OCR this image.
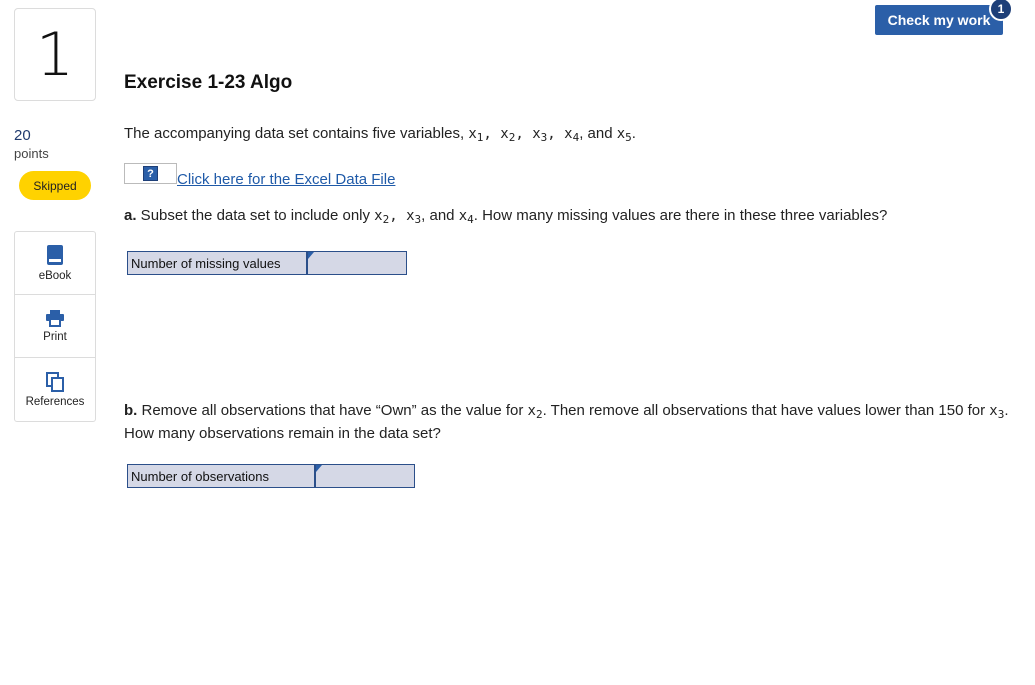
1
20
points
Skipped
eBook
Print
References
Check my work
1
Exercise 1-23 Algo
The accompanying data set contains five variables, $x_1$, $x_2$, $x_3$, $x_4$, and $x_5$.
? Click here for the Excel Data File
a. Subset the data set to include only $x_2$, $x_3$, and $x_4$. How many missing values are there in these three variables?
Number of missing values
b. Remove all observations that have “Own” as the value for $x_2$. Then remove all observations that have values lower than 150 for $x_3$. How many observations remain in the data set?
Number of observations
